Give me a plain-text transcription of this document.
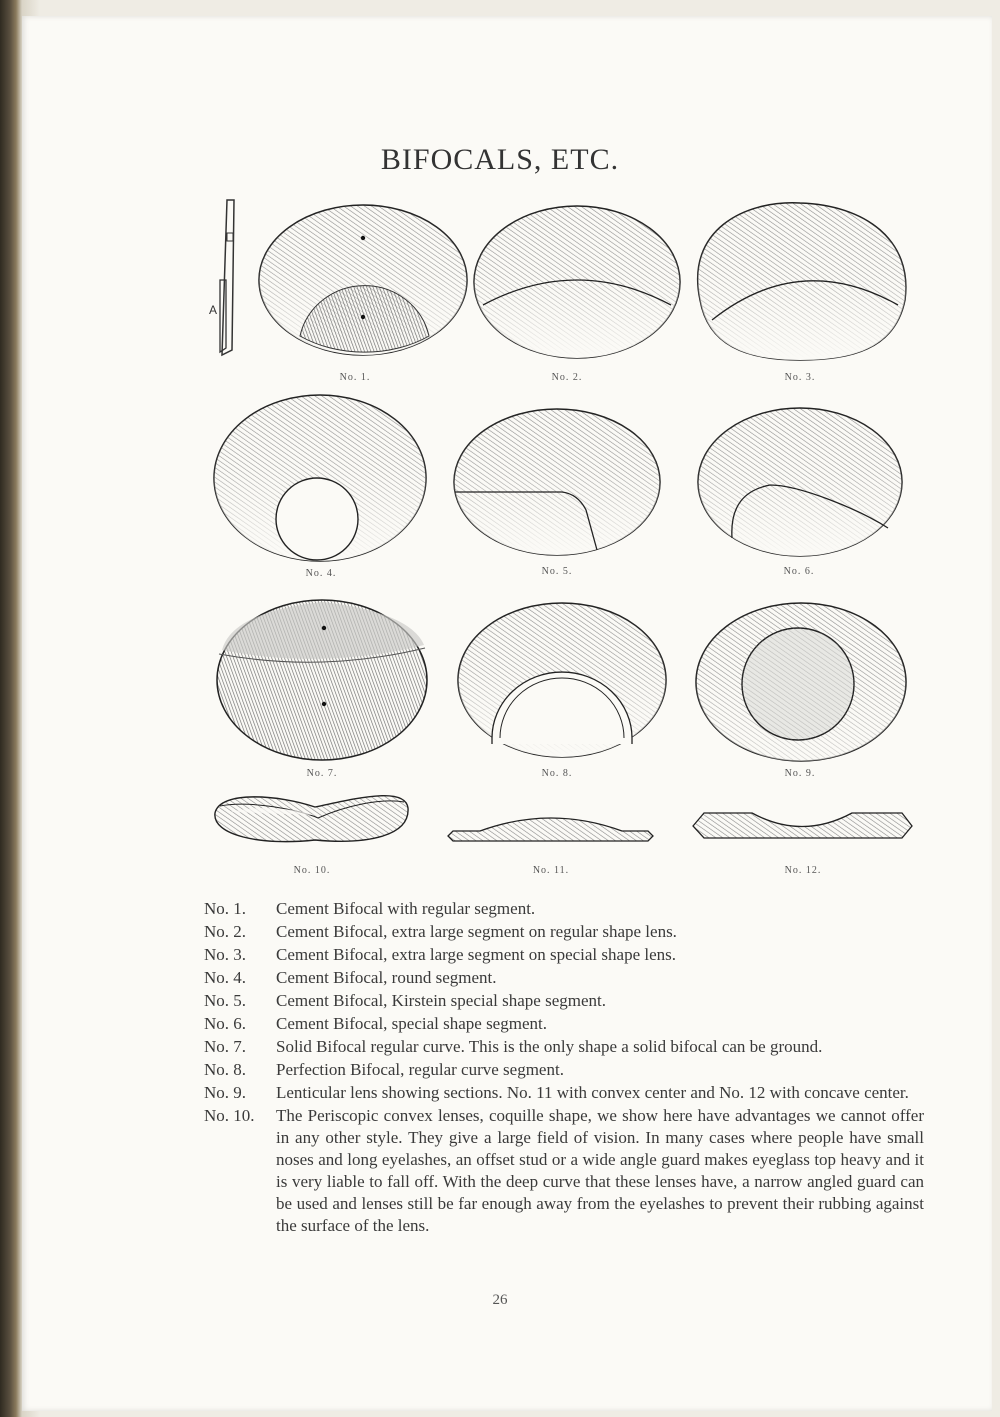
BIFOCALS, ETC.
A
No. 1.	No. 2.	No. 3.
No. 4.	No. 5.	No. 6.
No. 7.	No. 8.	No. 9.
No. 10.	No. 11.	No. 12.
No. 1.	Cement Bifocal with regular segment.
No. 2.	Cement Bifocal, extra large segment on regular shape lens.
No. 3.	Cement Bifocal, extra large segment on special shape lens.
No. 4.	Cement Bifocal, round segment.
No. 5.	Cement Bifocal, Kirstein special shape segment.
No. 6.	Cement Bifocal, special shape segment.
No. 7.	Solid Bifocal regular curve. This is the only shape a solid bifocal can be ground.
No. 8.	Perfection Bifocal, regular curve segment.
No. 9.	Lenticular lens showing sections. No. 11 with convex center and No. 12 with concave center.
No. 10.	The Periscopic convex lenses, coquille shape, we show here have advantages we cannot offer in any other style. They give a large field of vision. In many cases where people have small noses and long eyelashes, an offset stud or a wide angle guard makes eyeglass top heavy and it is very liable to fall off. With the deep curve that these lenses have, a narrow angled guard can be used and lenses still be far enough away from the eyelashes to prevent their rubbing against the surface of the lens.
26
